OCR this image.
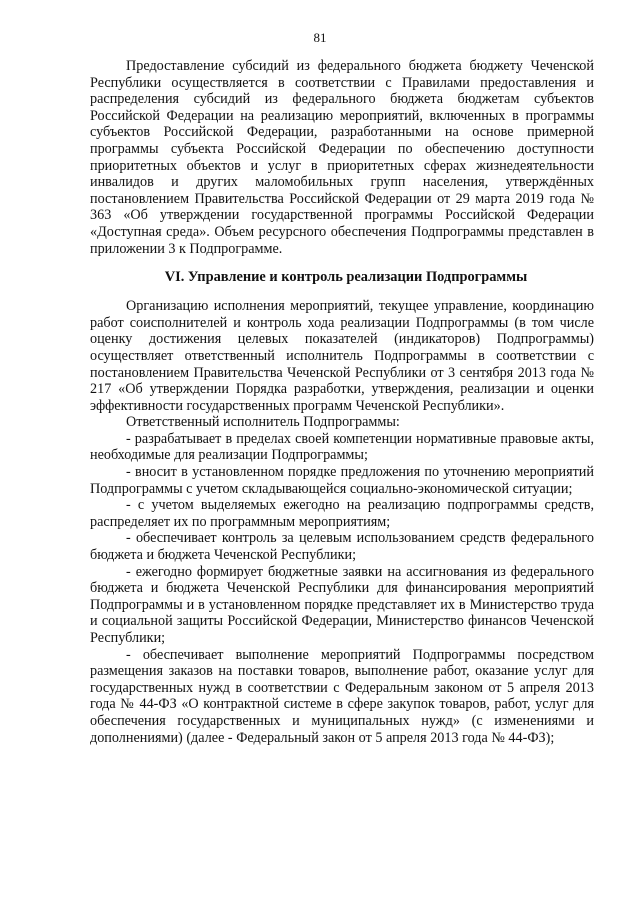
81

Предоставление субсидий из федерального бюджета бюджету Чеченской Республики осуществляется в соответствии с Правилами предоставления и распределения субсидий из федерального бюджета бюджетам субъектов Российской Федерации на реализацию мероприятий, включенных в программы субъектов Российской Федерации, разработанными на основе примерной программы субъекта Российской Федерации по обеспечению доступности приоритетных объектов и услуг в приоритетных сферах жизнедеятельности инвалидов и других маломобильных групп населения, утверждённых постановлением Правительства Российской Федерации от 29 марта 2019 года № 363 «Об утверждении государственной программы Российской Федерации «Доступная среда». Объем ресурсного обеспечения Подпрограммы представлен в приложении 3 к Подпрограмме.

VI. Управление и контроль реализации Подпрограммы

Организацию исполнения мероприятий, текущее управление, координацию работ соисполнителей и контроль хода реализации Подпрограммы (в том числе оценку достижения целевых показателей (индикаторов) Подпрограммы) осуществляет ответственный исполнитель Подпрограммы в соответствии с постановлением Правительства Чеченской Республики от 3 сентября 2013 года № 217 «Об утверждении Порядка разработки, утверждения, реализации и оценки эффективности государственных программ Чеченской Республики».

Ответственный исполнитель Подпрограммы:

- разрабатывает в пределах своей компетенции нормативные правовые акты, необходимые для реализации Подпрограммы;

- вносит в установленном порядке предложения по уточнению мероприятий Подпрограммы с учетом складывающейся социально-экономической ситуации;

- с учетом выделяемых ежегодно на реализацию подпрограммы средств, распределяет их по программным мероприятиям;

- обеспечивает контроль за целевым использованием средств федерального бюджета и бюджета Чеченской Республики;

- ежегодно формирует бюджетные заявки на ассигнования из федерального бюджета и бюджета Чеченской Республики для финансирования мероприятий Подпрограммы и в установленном порядке представляет их в Министерство труда и социальной защиты Российской Федерации, Министерство финансов Чеченской Республики;

- обеспечивает выполнение мероприятий Подпрограммы посредством размещения заказов на поставки товаров, выполнение работ, оказание услуг для государственных нужд в соответствии с Федеральным законом от 5 апреля 2013 года № 44-ФЗ «О контрактной системе в сфере закупок товаров, работ, услуг для обеспечения государственных и муниципальных нужд» (с изменениями и дополнениями) (далее - Федеральный закон от 5 апреля 2013 года № 44-ФЗ);
